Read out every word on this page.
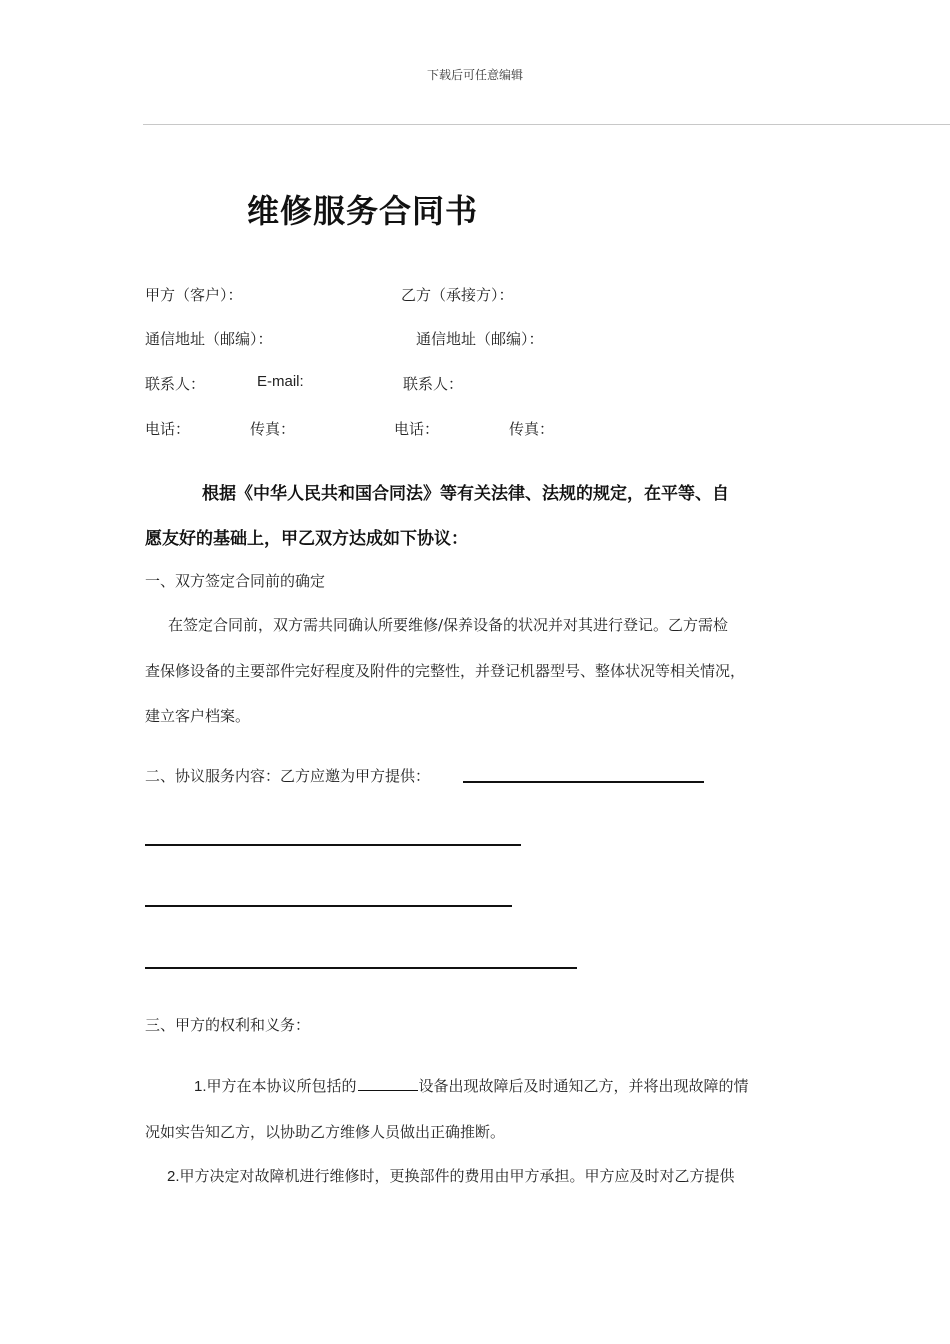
下载后可任意编辑
维修服务合同书
甲方（客户）：	乙方（承接方）：
通信地址（邮编）：	通信地址（邮编）：
联系人：	E-mail:	联系人：
电话：	传真：	电话：	传真：
根据《中华人民共和国合同法》等有关法律、法规的规定，在平等、自
愿友好的基础上，甲乙双方达成如下协议：
一、双方签定合同前的确定
在签定合同前，双方需共同确认所要维修/保养设备的状况并对其进行登记。乙方需检
查保修设备的主要部件完好程度及附件的完整性，并登记机器型号、整体状况等相关情况，
建立客户档案。
二、协议服务内容：乙方应邀为甲方提供：
三、甲方的权利和义务：
1.甲方在本协议所包括的	设备出现故障后及时通知乙方，并将出现故障的情
况如实告知乙方，以协助乙方维修人员做出正确推断。
2.甲方决定对故障机进行维修时，更换部件的费用由甲方承担。甲方应及时对乙方提供
